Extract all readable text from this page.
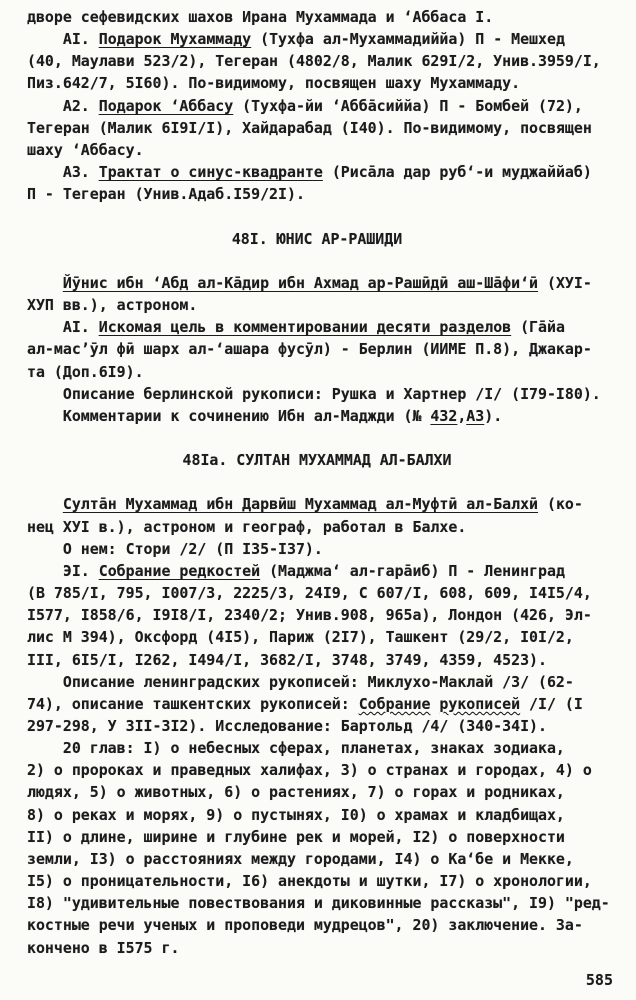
дворе сефевидских шахов Ирана Мухаммада и ‘Аббаса I.
АI. Подарок Мухаммаду (Тухфа ал-Мухаммадиййа) П - Мешхед
(40, Маулави 523/2), Тегеран (4802/8, Малик 629I/2, Унив.3959/I,
Пиз.642/7, 5I60). По-видимому, посвящен шаху Мухаммаду.
А2. Подарок ‘Аббасу (Тухфа-йи ‘Аббāсиййа) П - Бомбей (72),
Тегеран (Малик 6I9I/I), Хайдарабад (I40). По-видимому, посвящен
шаху ‘Аббасу.
А3. Трактат о синус-квадранте (Рисāла дар руб‘-и муджаййаб)
П - Тегеран (Унив.Адаб.I59/2I).
48I. ЮНИС АР-РАШИДИ
Йӯнис ибн ‘Абд ал-Кāдир ибн Ахмад ар-Рашӣдӣ аш-Шāфи‘ӣ (ХУI-
ХУП вв.), астроном.
АI. Искомая цель в комментировании десяти разделов (Гāйа
ал-мас’ӯл фӣ шарх ал-‘ашара фусӯл) - Берлин (ИИМЕ П.8), Джакар-
та (Доп.6I9).
Описание берлинской рукописи: Рушка и Хартнер /I/ (I79-I80).
Комментарии к сочинению Ибн ал-Маджди (№ 432,А3).
48Iа. СУЛТАН МУХАММАД АЛ-БАЛХИ
Султāн Мухаммад ибн Дарвӣш Мухаммад ал-Муфтӣ ал-Балхӣ (ко-
нец ХУI в.), астроном и географ, работал в Балхе.
О нем: Стори /2/ (П I35-I37).
ЭI. Собрание редкостей (Маджма‘ ал-гарāиб) П - Ленинград
(В 785/I, 795, I007/3, 2225/3, 24I9, С 607/I, 608, 609, I4I5/4,
I577, I858/6, I9I8/I, 2340/2; Унив.908, 965а), Лондон (426, Эл-
лис М 394), Оксфорд (4I5), Париж (2I7), Ташкент (29/2, I0I/2,
III, 6I5/I, I262, I494/I, 3682/I, 3748, 3749, 4359, 4523).
Описание ленинградских рукописей: Миклухо-Маклай /3/ (62-
74), описание ташкентских рукописей: Собрание рукописей /I/ (I
297-298, У 3II-3I2). Исследование: Бартольд /4/ (340-34I).
20 глав: I) о небесных сферах, планетах, знаках зодиака,
2) о пророках и праведных халифах, 3) о странах и городах, 4) о
людях, 5) о животных, 6) о растениях, 7) о горах и родниках,
8) о реках и морях, 9) о пустынях, I0) о храмах и кладбищах,
II) о длине, ширине и глубине рек и морей, I2) о поверхности
земли, I3) о расстояниях между городами, I4) о Ка‘бе и Мекке,
I5) о проницательности, I6) анекдоты и шутки, I7) о хронологии,
I8) "удивительные повествования и диковинные рассказы", I9) "ред-
костные речи ученых и проповеди мудрецов", 20) заключение. За-
кончено в I575 г.
585
